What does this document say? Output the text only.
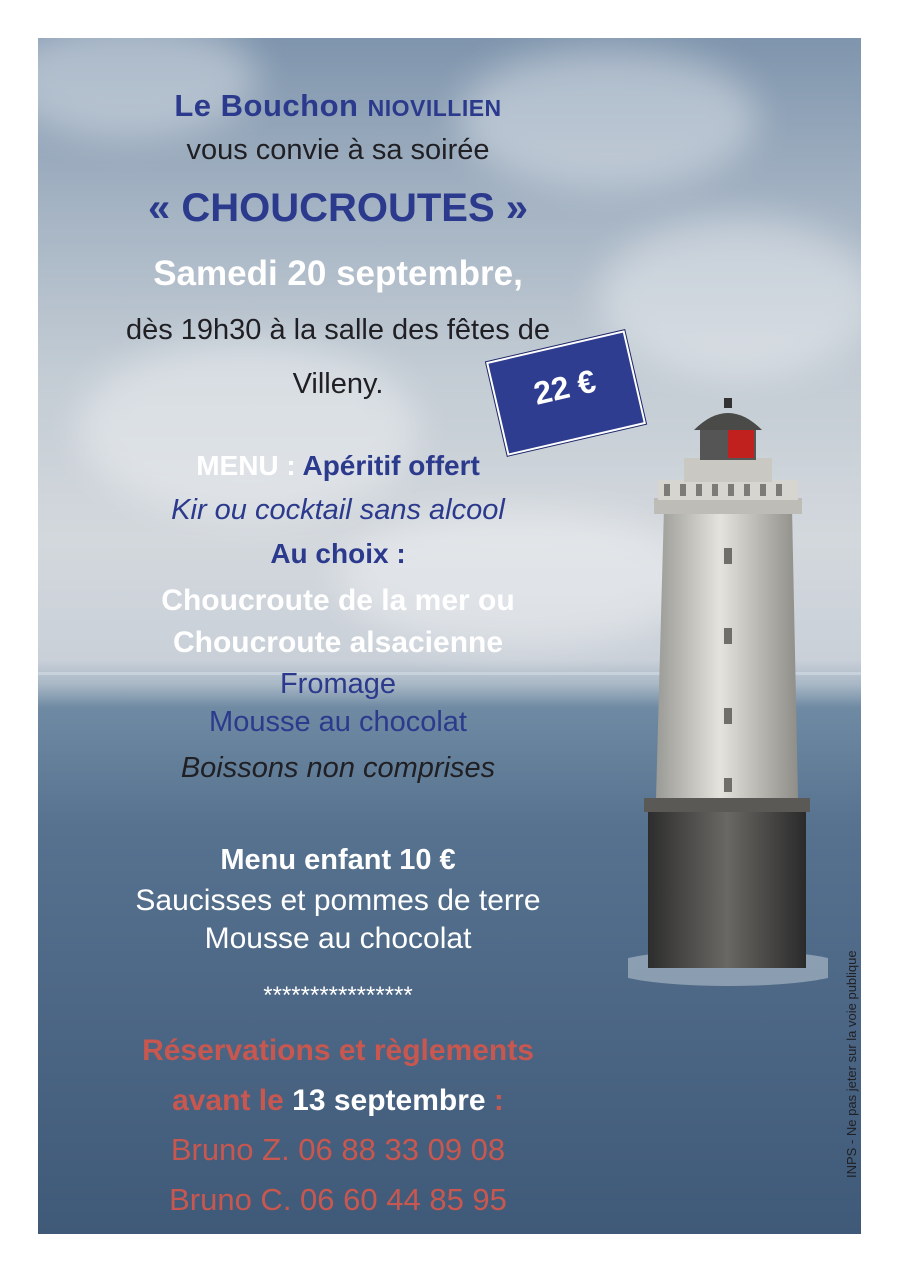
Le Bouchon NIOVILLIEN
vous convie à sa soirée
« CHOUCROUTES »
Samedi 20 septembre,
dès 19h30 à la salle des fêtes de
Villeny.	22 €
MENU : Apéritif offert
Kir ou cocktail sans alcool
Au choix :
Choucroute de la mer ou
Choucroute alsacienne
Fromage
Mousse au chocolat
Boissons non comprises
Menu enfant 10 €
Saucisses et pommes de terre
Mousse au chocolat
****************
Réservations et règlements
avant le 13 septembre :
Bruno Z. 06 88 33 09 08
Bruno C. 06 60 44 85 95
INPS - Ne pas jeter sur la voie publique
